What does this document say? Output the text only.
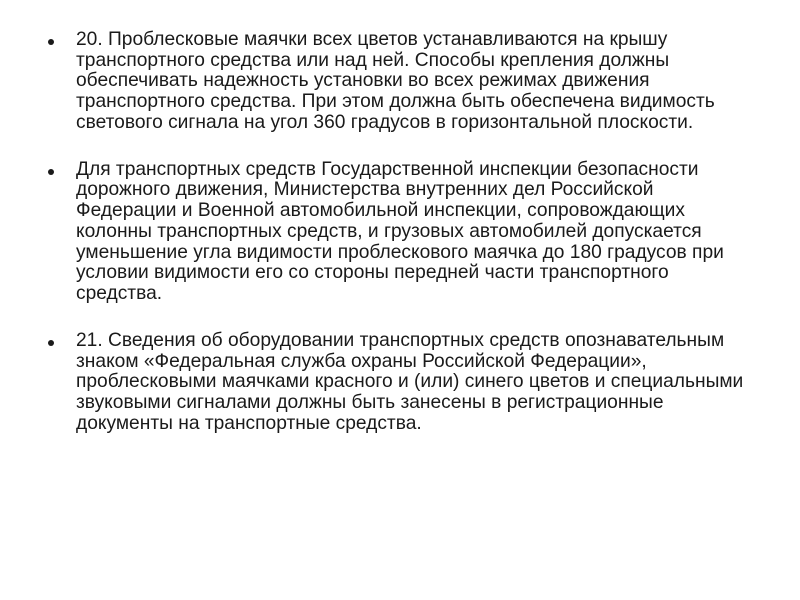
20. Проблесковые маячки всех цветов устанавливаются на крышу транспортного средства или над ней. Способы крепления должны обеспечивать надежность установки во всех режимах движения транспортного средства. При этом должна быть обеспечена видимость светового сигнала на угол 360 градусов в горизонтальной плоскости.
Для транспортных средств Государственной инспекции безопасности дорожного движения, Министерства внутренних дел Российской Федерации и Военной автомобильной инспекции, сопровождающих колонны транспортных средств, и грузовых автомобилей допускается уменьшение угла видимости проблескового маячка до 180 градусов при условии видимости его со стороны передней части транспортного средства.
21. Сведения об оборудовании транспортных средств опознавательным знаком «Федеральная служба охраны Российской Федерации», проблесковыми маячками красного и (или) синего цветов и специальными звуковыми сигналами должны быть занесены в регистрационные документы на транспортные средства.
